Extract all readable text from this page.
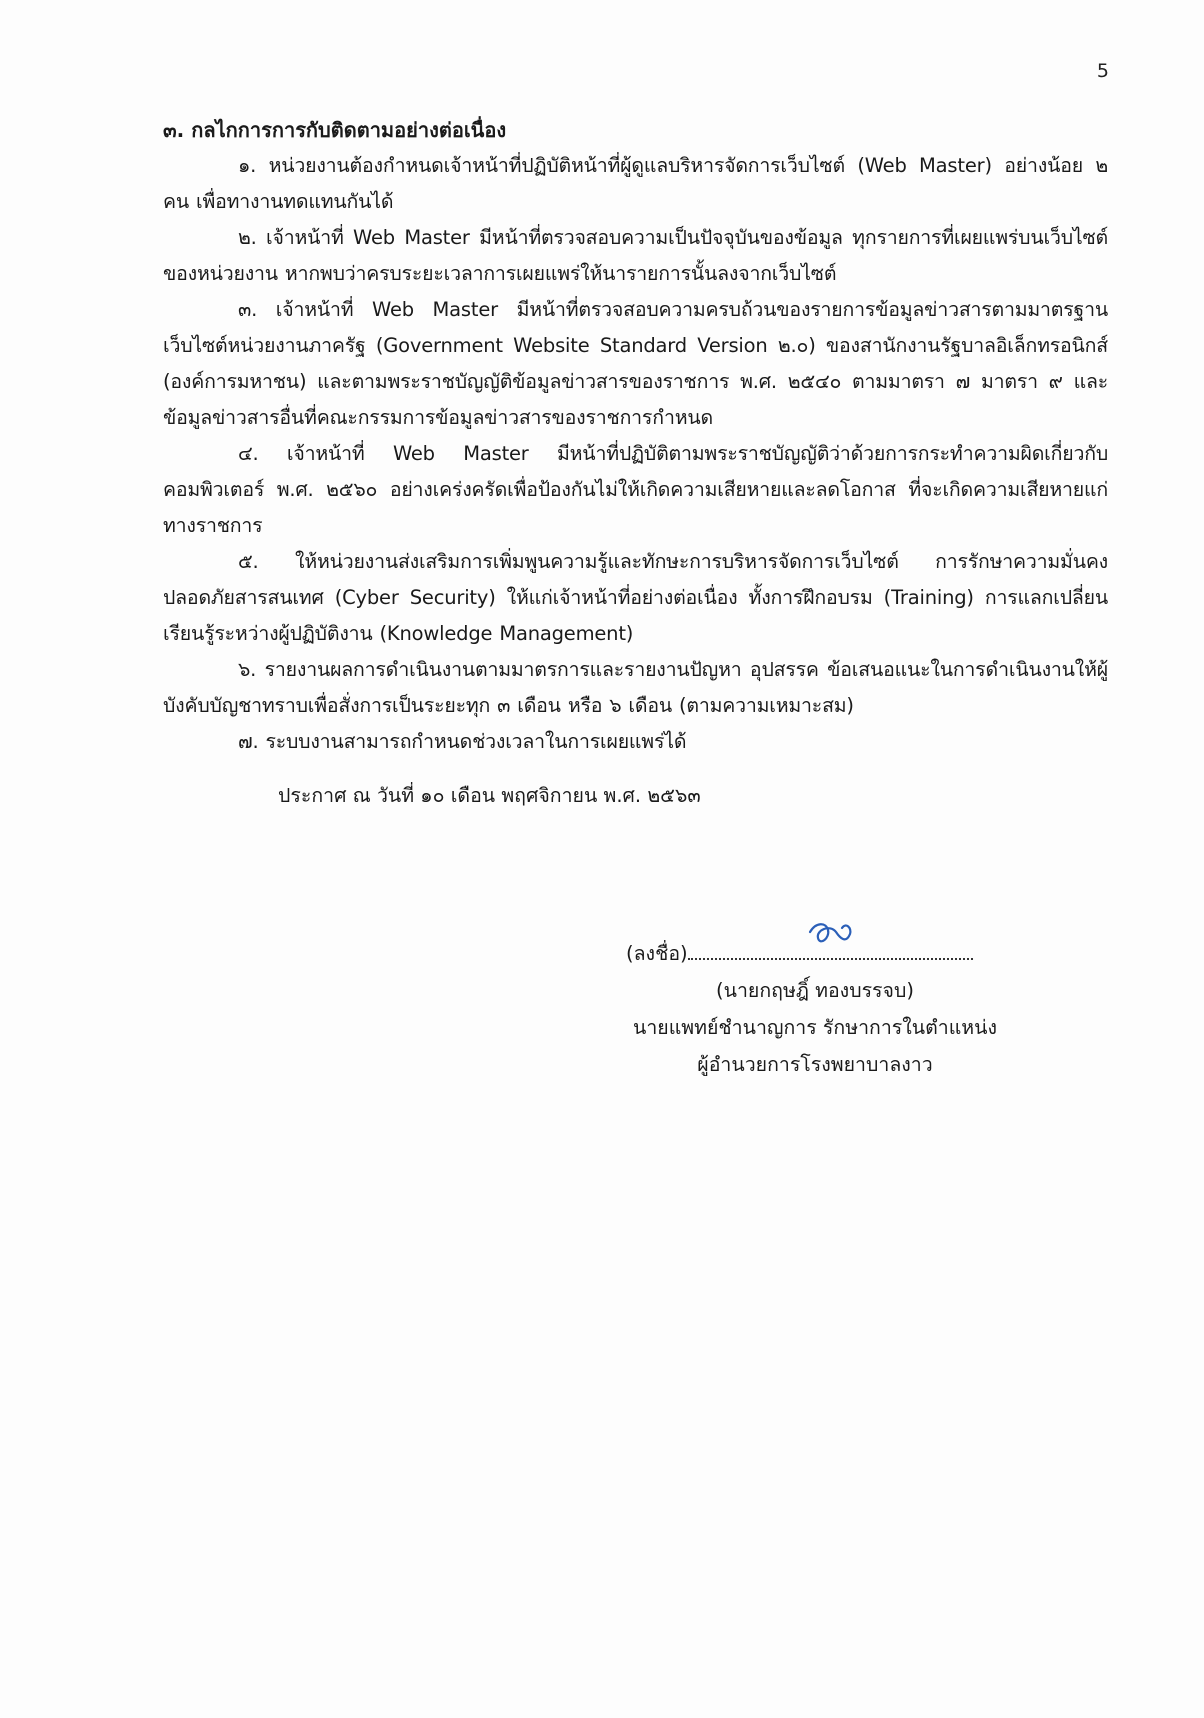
5

๓. กลไกการการกับติดตามอย่างต่อเนื่อง

๑. หน่วยงานต้องกำหนดเจ้าหน้าที่ปฏิบัติหน้าที่ผู้ดูแลบริหารจัดการเว็บไซต์ (Web Master) อย่างน้อย ๒ คน เพื่อทางานทดแทนกันได้

๒. เจ้าหน้าที่ Web Master มีหน้าที่ตรวจสอบความเป็นปัจจุบันของข้อมูล ทุกรายการที่เผยแพร่บนเว็บไซต์ของหน่วยงาน หากพบว่าครบระยะเวลาการเผยแพร่ให้นารายการนั้นลงจากเว็บไซต์

๓. เจ้าหน้าที่ Web Master มีหน้าที่ตรวจสอบความครบถ้วนของรายการข้อมูลข่าวสารตามมาตรฐานเว็บไซต์หน่วยงานภาครัฐ (Government Website Standard Version ๒.๐) ของสานักงานรัฐบาลอิเล็กทรอนิกส์ (องค์การมหาชน) และตามพระราชบัญญัติข้อมูลข่าวสารของราชการ พ.ศ. ๒๕๔๐ ตามมาตรา ๗ มาตรา ๙ และข้อมูลข่าวสารอื่นที่คณะกรรมการข้อมูลข่าวสารของราชการกำหนด

๔. เจ้าหน้าที่ Web Master มีหน้าที่ปฏิบัติตามพระราชบัญญัติว่าด้วยการกระทำความผิดเกี่ยวกับคอมพิวเตอร์ พ.ศ. ๒๕๖๐ อย่างเคร่งครัดเพื่อป้องกันไม่ให้เกิดความเสียหายและลดโอกาส ที่จะเกิดความเสียหายแก่ทางราชการ

๕. ให้หน่วยงานส่งเสริมการเพิ่มพูนความรู้และทักษะการบริหารจัดการเว็บไซต์ การรักษาความมั่นคงปลอดภัยสารสนเทศ (Cyber Security) ให้แก่เจ้าหน้าที่อย่างต่อเนื่อง ทั้งการฝึกอบรม (Training) การแลกเปลี่ยนเรียนรู้ระหว่างผู้ปฏิบัติงาน (Knowledge Management)

๖. รายงานผลการดำเนินงานตามมาตรการและรายงานปัญหา อุปสรรค ข้อเสนอแนะในการดำเนินงานให้ผู้บังคับบัญชาทราบเพื่อสั่งการเป็นระยะทุก ๓ เดือน หรือ ๖ เดือน (ตามความเหมาะสม)

๗. ระบบงานสามารถกำหนดช่วงเวลาในการเผยแพร่ได้

ประกาศ ณ วันที่ ๑๐ เดือน พฤศจิกายน พ.ศ. ๒๕๖๓

(ลงชื่อ)
(นายกฤษฎิ์ ทองบรรจบ)
นายแพทย์ชำนาญการ รักษาการในตำแหน่ง
ผู้อำนวยการโรงพยาบาลงาว
